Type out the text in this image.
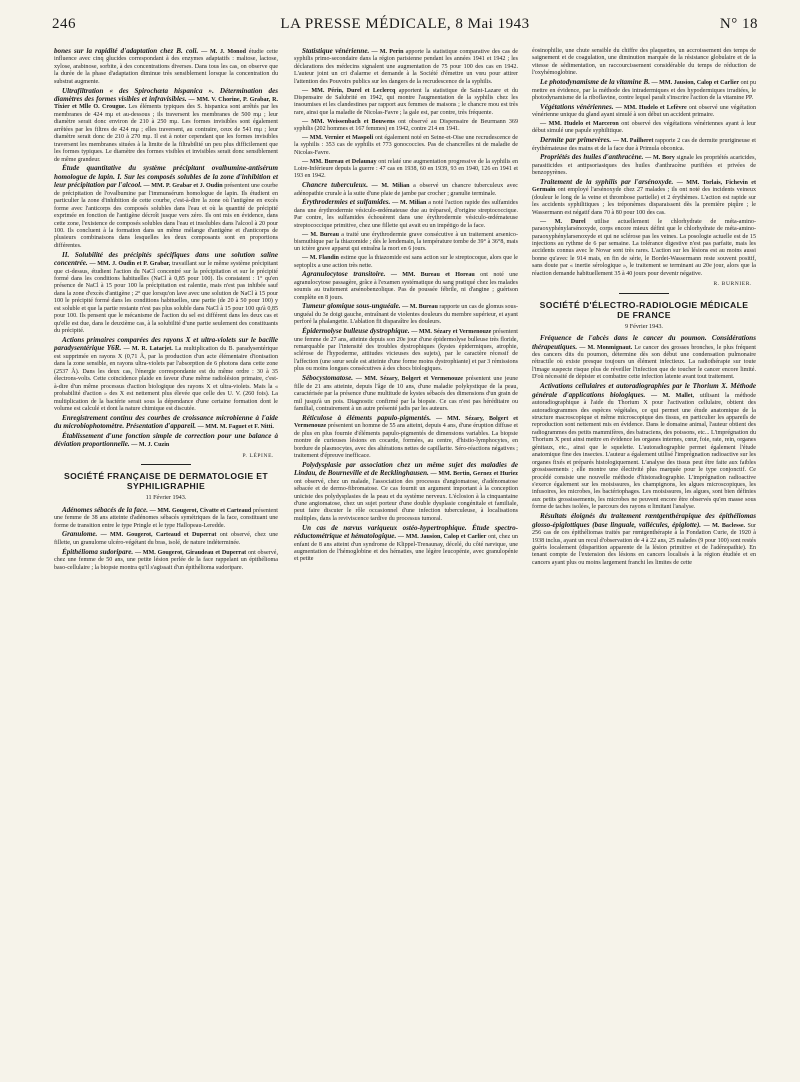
246	LA PRESSE MÉDICALE, 8 Mai 1943	N° 18

bones sur la rapidité d'adaptation chez B. coli. — M. J. Monod étudie cette influence avec cinq glucides correspondant à des enzymes adaptatifs : maltose, lactose, xylose, arabinose, sorbite, à des concentrations diverses. Dans tous les cas, on observe que la durée de la phase d'adaptation diminue très sensiblement lorsque la concentration du substrat augmente.

Ultrafiltration « des Spirochæta hispanica ». Détermination des diamètres des formes visibles et infravisibles. — MM. V. Chorine, P. Grabar, R. Tixier et Mlle O. Crougue. Les éléments typiques des S. hispanica sont arrêtés par les membranes de 424 mμ et au-dessous ; ils traversent les membranes de 500 mμ ; leur diamètre serait donc environ de 210 à 250 mμ. Les formes invisibles sont également arrêtées par les filtres de 424 mμ ; elles traversent, au contraire, ceux de 541 mμ ; leur diamètre serait donc de 210 à 270 mμ. Il est à noter cependant que les formes invisibles traversent les membranes situées à la limite de la filtrabilité un peu plus difficilement que les formes typiques. Le diamètre des formes visibles et invisibles serait donc sensiblement de même grandeur.

Étude quantitative du système précipitant ovalbumine-antisérum homologue de lapin. I. Sur les composés solubles de la zone d'inhibition et leur précipitation par l'alcool. — MM. P. Grabar et J. Oudin présentent une courbe de précipitation de l'ovalbumine par l'immunsérum homologue de lapin. Ils étudient en particulier la zone d'inhibition de cette courbe, c'est-à-dire la zone où l'antigène en excès forme avec l'anticorps des composés solubles dans l'eau et où la quantité de précipité exprimée en fonction de l'antigène décroît jusque vers zéro. Ils ont mis en évidence, dans cette zone, l'existence de composés solubles dans l'eau et insolubles dans l'alcool à 20 pour 100. Ils concluent à la formation dans un même mélange d'antigène et d'anticorps de plusieurs combinaisons dans lesquelles les deux composants sont en proportions différentes.

II. Solubilité des précipités spécifiques dans une solution saline concentrée. — MM. J. Oudin et P. Grabar, travaillant sur le même système précipitant que ci-dessus, étudient l'action du NaCl concentré sur la précipitation et sur le précipité formé dans les conditions habituelles (NaCl à 0,85 pour 100). Ils constatent : 1° qu'en présence de NaCl à 15 pour 100 la précipitation est ralentie, mais n'est pas inhibée sauf dans la zone d'excès d'antigène ; 2° que lorsqu'on lave avec une solution de NaCl à 15 pour 100 le précipité formé dans les conditions habituelles, une partie (de 20 à 50 pour 100) y est soluble et que la partie restante n'est pas plus soluble dans NaCl à 15 pour 100 qu'à 0,85 pour 100. Ils pensent que le mécanisme de l'action du sel est différent dans les deux cas et qu'elle est due, dans le deuxième cas, à la solubilité d'une partie seulement des constituants du précipité.

Actions primaires comparées des rayons X et ultra-violets sur le bacille paradysentérique Y6R. — M. R. Latarjet. La multiplication du B. paradysentérique est supprimée en rayons X (0,71 Å, par la production d'un acte élémentaire d'ionisation dans la zone sensible, en rayons ultra-violets par l'absorption de 6 photons dans cette zone (2537 Å). Dans les deux cas, l'énergie correspondante est du même ordre : 30 à 35 électrons-volts. Cette coïncidence plaide en faveur d'une même radiolésion primaire, c'est-à-dire d'un même processus d'action biologique des rayons X et ultra-violets. Mais la « probabilité d'action » des X est nettement plus élevée que celle des U. V. (260 fois). La multiplication de la bactérie serait sous la dépendance d'une certaine formation dont le volume est calculé et dont la nature chimique est discutée.

Enregistrement continu des courbes de croissance microbienne à l'aide du microbiophotomètre. Présentation d'appareil. — MM. M. Faguet et F. Nitti.

Établissement d'une fonction simple de correction pour une balance à déviation proportionnelle. — M. J. Cuzin

P. LÉPINE.
SOCIÉTÉ FRANÇAISE DE DERMATOLOGIE ET SYPHILIGRAPHIE
11 Février 1943.

Adénomes sébacés de la face. — MM. Gougerot, Civatte et Carteaud présentent une femme de 38 ans atteinte d'adénomes sébacés symétriques de la face, constituant une forme de transition entre le type Pringle et le type Hallopeau-Leredde.

Granulome. — MM. Gougerot, Carteaud et Duperrat ont observé, chez une fillette, un granulome ulcéro-végétant du bras, isolé, de nature indéterminée.

Épithélioma sudoripare. — MM. Gougerot, Giraudeau et Duperrat ont observé, chez une femme de 50 ans, une petite lésion perlée de la face rappelant un épithélioma baso-cellulaire ; la biopsie montra qu'il s'agissait d'un épithélioma sudoripare.

Statistique vénérienne. — M. Perin apporte la statistique comparative des cas de syphilis primo-secondaire dans la région parisienne pendant les années 1941 et 1942 ; les déclarations des médecins signalent une augmentation de 75 pour 100 des cas en 1942. L'auteur joint un cri d'alarme et demande à la Société d'émettre un vœu pour attirer l'attention des Pouvoirs publics sur les dangers de la recrudescence de la syphilis.

— MM. Périn, Durel et Leclercq apportent la statistique de Saint-Lazare et du Dispensaire de Salubrité en 1942, qui montre l'augmentation de la syphilis chez les insoumises et les clandestines par rapport aux femmes de maisons ; le chancre mou est très rare, ainsi que la maladie de Nicolas-Favre ; la gale est, par contre, très fréquente.

— MM. Weissenbach et Bouwens ont observé au Dispensaire de Beurmann 369 syphilis (202 hommes et 167 femmes) en 1942, contre 214 en 1941.

— MM. Vernier et Maspoli ont également noté en Seine-et-Oise une recrudescence de la syphilis : 353 cas de syphilis et 773 gonococcies. Pas de chancrelles ni de maladie de Nicolas-Favre.

— MM. Bureau et Delaunay ont relaté une augmentation progressive de la syphilis en Loire-Inférieure depuis la guerre : 47 cas en 1938, 60 en 1939, 93 en 1940, 126 en 1941 et 193 en 1942.

Chancre tuberculeux. — M. Milian a observé un chancre tuberculeux avec adénopathie crurale à la suite d'une plaie de jambe par crocher ; granulie terminale.

Érythrodermies et sulfamides. — M. Milian a noté l'action rapide des sulfamides dans une érythrodermie vésiculo-œdémateuse due au tréparsol, d'origine streptococcique. Par contre, les sulfamides échouèrent dans une érythrodermie vésiculo-œdémateuse streptococcique primitive, chez une fillette qui avait eu un impétigo de la face.

— M. Bureau a traité une érythrodermie grave consécutive à un traitement arsenico-bismuthique par la thiazomide ; dès le lendemain, la température tombe de 39° à 36°8, mais un ictère grave apparut qui entraîna la mort en 6 jours.

— M. Flandin estime que la thiazomide est sans action sur le streptocoque, alors que le septoplix a une action très nette.

Agranulocytose transitoire. — MM. Bureau et Horeau ont noté une agranulocytose passagère, grâce à l'examen systématique du sang pratiqué chez les malades soumis au traitement arsénobenzolique. Pas de poussée fébrile, ni d'angine ; guérison complète en 8 jours.

Tumeur glomique sous-unguéale. — M. Bureau rapporte un cas de glomus sous-unguéal du 3e doigt gauche, entraînant de violentes douleurs du membre supérieur, et ayant perforé la phalangette. L'ablation fit disparaître les douleurs.

Épidermolyse bulleuse dystrophique. — MM. Sézary et Vermenouze présentent une femme de 27 ans, atteinte depuis son 20e jour d'une épidermolyse bulleuse très floride, remarquable par l'intensité des troubles dystrophiques (kystes épidermiques, atrophie, sclérose de l'hypoderme, attitudes vicieuses des sujets), par le caractère récessif de l'affection (une sœur seule est atteinte d'une forme moins dystrophiante) et par 3 rémissions plus ou moins longues consécutives à des chocs biologiques.

Sébocystomatose. — MM. Sézary, Bolgert et Vermenouze présentent une jeune fille de 21 ans atteinte, depuis l'âge de 10 ans, d'une maladie polykystique de la peau, caractérisée par la présence d'une multitude de kystes sébacés des dimensions d'un grain de mil jusqu'à un pois. Diagnostic confirmé par la biopsie. Ce cas n'est pas héréditaire ou familial, contrairement à un autre présenté jadis par les auteurs.

Réticulose à éléments papulo-pigmentés. — MM. Sézary, Bolgert et Vermenouze présentent un homme de 55 ans atteint, depuis 4 ans, d'une éruption diffuse et de plus en plus fournie d'éléments papulo-pigmentés de dimensions variables. La biopsie montre de curieuses lésions en cocarde, formées, au centre, d'histio-lymphocytes, en bordure de plasmocytes, avec des altérations nettes de capillarite. Séro-réactions négatives ; traitement d'épreuve inefficace.

Polydysplasie par association chez un même sujet des maladies de Lindau, de Bourneville et de Recklinghausen. — MM. Bertin, Gernez et Huriez ont observé, chez un malade, l'association des processus d'angiomatose, d'adénomatose sébacée et de dermo-fibromatose. Ce cas fournit un argument important à la conception uniciste des polydysplasies de la peau et du système nerveux. L'éclosion à la cinquantaine d'une angiomatose, chez un sujet porteur d'une double dysplasie congénitale et familiale, peut faire discuter le rôle occasionnel d'une infection tuberculeuse, à localisations multiples, dans la reviviscence tardive du processus tumoral.

Un cas de nævus variqueux ostéo-hypertrophique. Étude spectro-réductométrique et hématologique. — MM. Jausion, Calop et Carlier ont, chez un enfant de 8 ans atteint d'un syndrome de Klippel-Trenaunay, décelé, du côté nævique, une augmentation de l'hémoglobine et des hématies, une légère leucopénie, avec granulopénie et petite

éosinophilie, une chute sensible du chiffre des plaquettes, un accroissement des temps de saignement et de coagulation, une diminution marquée de la résistance globulaire et de la vitesse de sédimentation, un raccourcissement considérable du temps de réduction de l'oxyhémoglobine.

Le photodynamisme de la vitamine B. — MM. Jausion, Calop et Carlier ont pu mettre en évidence, par la méthode des intradermiques et des hypodermiques irradiées, le photodynamisme de la riboflavine, contre lequel paraît s'inscrire l'action de la vitamine PP.

Végétations vénériennes. — MM. Hudelo et Lefèvre ont observé une végétation vénérienne unique du gland ayant simulé à son début un accident primaire.

— MM. Hudelo et Marceron ont observé des végétations vénériennes ayant à leur début simulé une papule syphilitique.

Dermite par primevères. — M. Pailheret rapporte 2 cas de dermite prurigineuse et érythémateuse des mains et de la face due à Primula obconica.

Propriétés des huiles d'anthracène. — M. Bory signale les propriétés acaricides, parasiticides et antipsoriasiques des huiles d'anthracène purifiées et privées de benzopyrènes.

Traitement de la syphilis par l'arsénoxyde. — MM. Torlais, Fichevin et Germain ont employé l'arsénoxyde chez 27 malades ; ils ont noté des incidents veineux (douleur le long de la veine et thrombose partielle) et 2 érythèmes. L'action est rapide sur les accidents syphilitiques ; les tréponèmes disparaissent dès la première piqûre ; le Wassermann est négatif dans 70 à 80 pour 100 des cas.

— M. Durel utilise actuellement le chlorhydrate de méta-amino-paraoxyphénylarsénoxyde, corps encore mieux défini que le chlorhydrate de méta-amino-paraoxyphénylarsenoxyde et qui ne sclérose pas les veines. La posologie actuelle est de 15 injections au rythme de 6 par semaine. La tolérance digestive n'est pas parfaite, mais les accidents connus avec le Novar sont très rares. L'action sur les lésions est au moins aussi bonne qu'avec le 914 mais, en fin de série, le Bordet-Wassermann reste souvent positif, sans doute par « inertie sérologique », le traitement se terminant au 20e jour, alors que la réaction demande habituellement 35 à 40 jours pour devenir négative.

R. BURNIER.
SOCIÉTÉ D'ÉLECTRO-RADIOLOGIE MÉDICALE DE FRANCE
9 Février 1943.

Fréquence de l'abcès dans le cancer du poumon. Considérations thérapeutiques. — M. Monmignaut. Le cancer des grosses bronches, le plus fréquent des cancers dits du poumon, détermine dès son début une condensation pulmonaire rétractile où existe presque toujours un élément infectieux. La radiothérapie sur toute l'image suspecte risque plus de réveiller l'infection que de toucher le cancer encore limité. D'où nécessité de dépister et combattre cette infection latente avant tout traitement.

Activations cellulaires et autoradiographies par le Thorium X. Méthode générale d'applications biologiques. — M. Mallet, utilisant la méthode autoradiographique à l'aide du Thorium X pour l'activation cellulaire, obtient des autoradiogrammes des espèces végétales, ce qui permet une étude anatomique de la structure macroscopique et même microscopique des tissus, en particulier les appareils de reproduction sont nettement mis en évidence. Dans le domaine animal, l'auteur obtient des radiogrammes des petits mammifères, des batraciens, des poissons, etc... L'imprégnation du Thorium X peut ainsi mettre en évidence les organes internes, cœur, foie, rate, rein, organes génitaux, etc., ainsi que le squelette. L'autoradiographie permet également l'étude anatomique fine des insectes. L'auteur a également utilisé l'imprégnation radioactive sur les organes fixés et préparés histologiquement. L'analyse des tissus peut être faite aux faibles grossissements ; elle montre une électivité plus marquée pour le type conjonctif. Ce procédé consiste une nouvelle méthode d'historadiographie. L'imprégnation radioactive s'exerce également sur les moisissures, les champignons, les algues microscopiques, les infusoires, les microbes, les bactériophages. Les moisissures, les algues, sont bien définies aux petits grossissements, les microbes ne peuvent encore être observés qu'en masse sous forme de taches isolées, le parcours des rayons α limitant l'analyse.

Résultats éloignés du traitement rœntgenthérapique des épithéliomas glosso-épiglottiques (base linguale, vallécules, épiglotte). — M. Baclesse. Sur 256 cas de ces épithéliomas traités par rœntgenthérapie à la Fondation Curie, de 1920 à 1938 inclus, ayant un recul d'observation de 4 à 22 ans, 25 malades (9 pour 100) sont restés guéris localement (disparition apparente de la lésion primitive et de l'adénopathie). En tenant compte de l'extension des lésions en cancers localisés à la région étudiée et en cancers ayant plus ou moins largement franchi les limites de cette
